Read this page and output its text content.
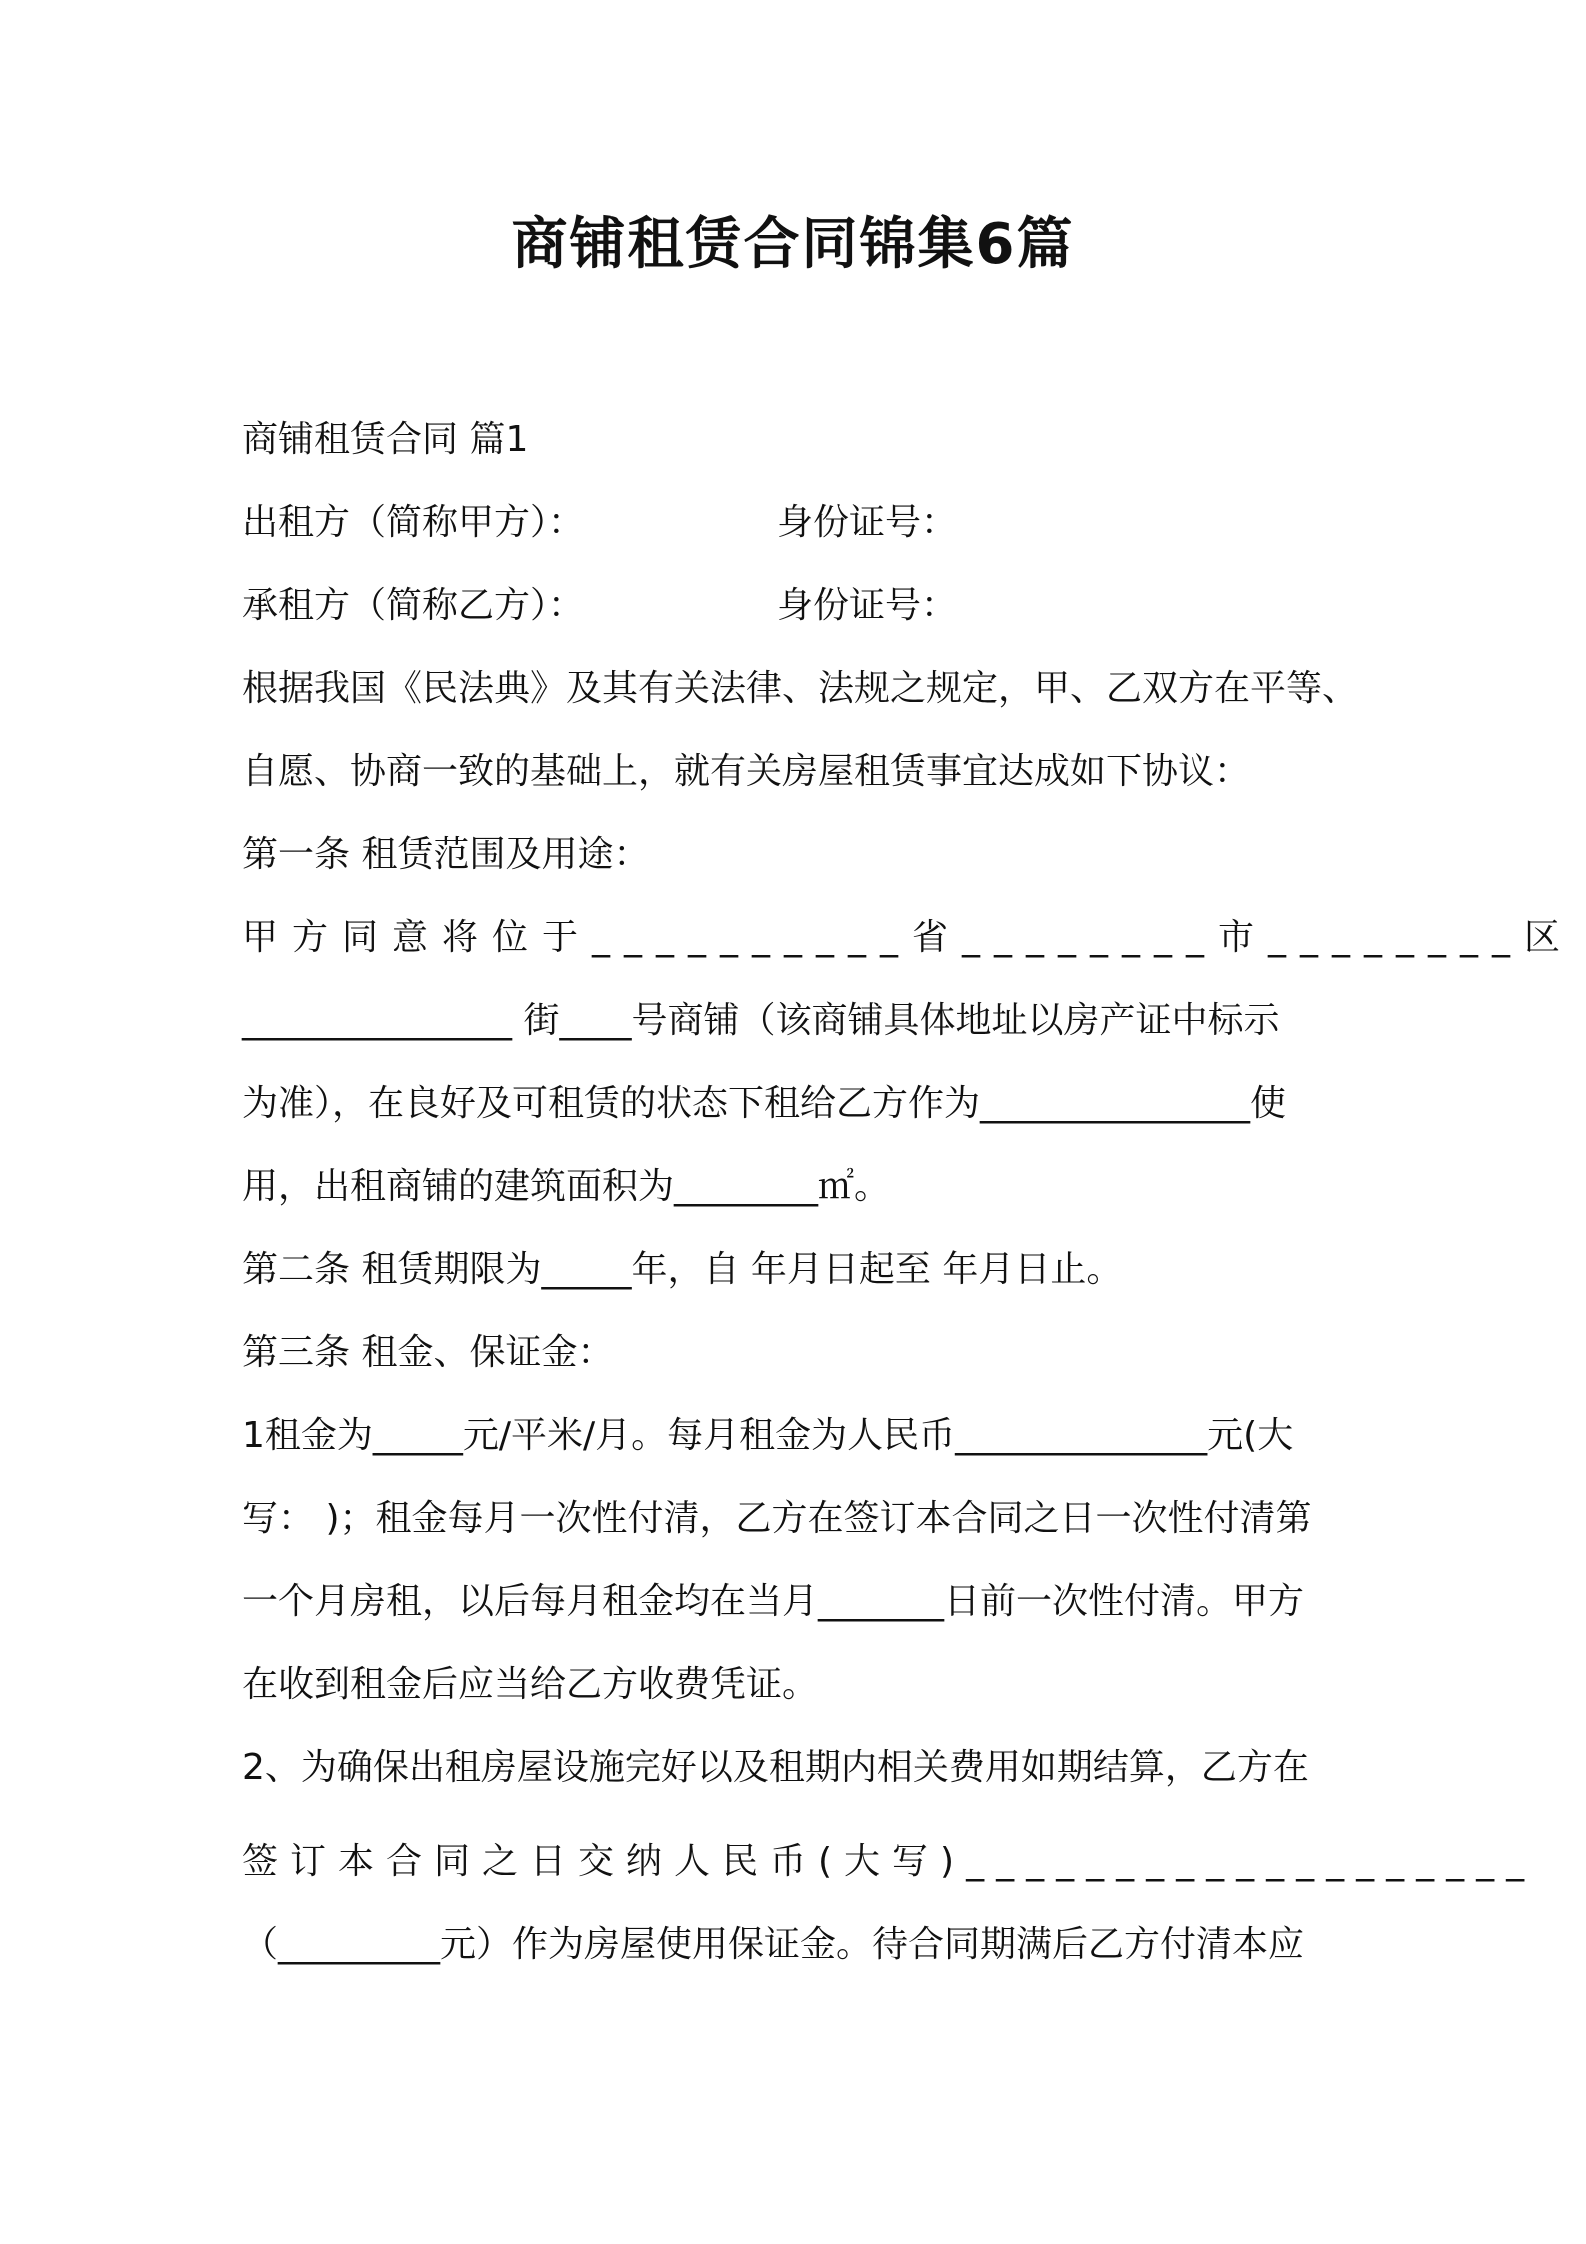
商铺租赁合同锦集6篇
商铺租赁合同 篇1
出租方（简称甲方）：	身份证号：
承租方（简称乙方）：	身份证号：
根据我国《民法典》及其有关法律、法规之规定，甲、乙双方在平等、
自愿、协商一致的基础上，就有关房屋租赁事宜达成如下协议：
第一条 租赁范围及用途：
甲方同意将位于__________省________市________区
_______________ 街____号商铺（该商铺具体地址以房产证中标示
为准），在良好及可租赁的状态下租给乙方作为_______________使
用，出租商铺的建筑面积为________㎡。
第二条 租赁期限为_____年，自 年月日起至 年月日止。
第三条 租金、保证金：
1租金为_____元/平米/月。每月租金为人民币______________元(大
写： )；租金每月一次性付清，乙方在签订本合同之日一次性付清第
一个月房租，以后每月租金均在当月_______日前一次性付清。甲方
在收到租金后应当给乙方收费凭证。
2、为确保出租房屋设施完好以及租期内相关费用如期结算，乙方在
签订本合同之日交纳人民币(大写)___________________
（_________元）作为房屋使用保证金。待合同期满后乙方付清本应
